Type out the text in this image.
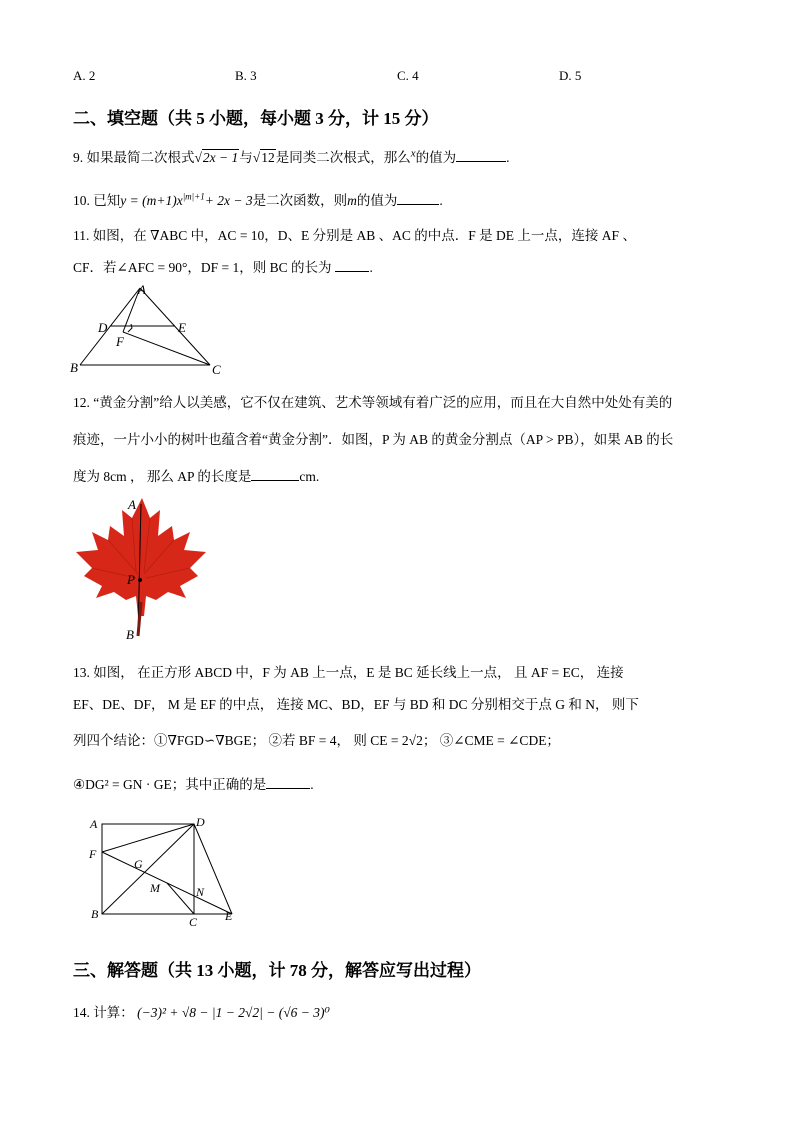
A. 2	B. 3	C. 4	D. 5
二、填空题（共 5 小题，每小题 3 分，计 15 分）
9. 如果最简二次根式√2x − 1与√12是同类二次根式，那么$^x$的值为	.
10. 已知$y = (m+1)x^{|m|+1}+ 2x - 3$是二次函数，则m的值为	.
11. 如图，在 ∇ABC 中，AC = 10，D、E 分别是 AB 、AC 的中点．F 是 DE 上一点，连接 AF 、
CF．若∠AFC = 90°，DF = 1，则 BC 的长为	.
A
D	E
F
B	C
12. “黄金分割”给人以美感，它不仅在建筑、艺术等领域有着广泛的应用，而且在大自然中处处有美的
痕迹，一片小小的树叶也蕴含着“黄金分割”．如图，P 为 AB 的黄金分割点（AP > PB），如果 AB 的长
度为 8cm ， 那么 AP 的长度是	cm.
A
P
B
13. 如图， 在正方形 ABCD 中，F 为 AB 上一点，E 是 BC 延长线上一点， 且 AF = EC， 连接
EF、DE、DF， M 是 EF 的中点， 连接 MC、BD，EF 与 BD 和 DC 分别相交于点 G 和 N， 则下
列四个结论：①∇FGD∽∇BGE； ②若 BF = 4， 则 CE = 2√2； ③∠CME = ∠CDE；
④DG² = GN · GE；其中正确的是	.
A	D
F
G
M	N
B
C E
三、解答题（共 13 小题，计 78 分，解答应写出过程）
14. 计算： (−3)² + √8 − |1 − 2√2| − (√6 − 3)⁰
